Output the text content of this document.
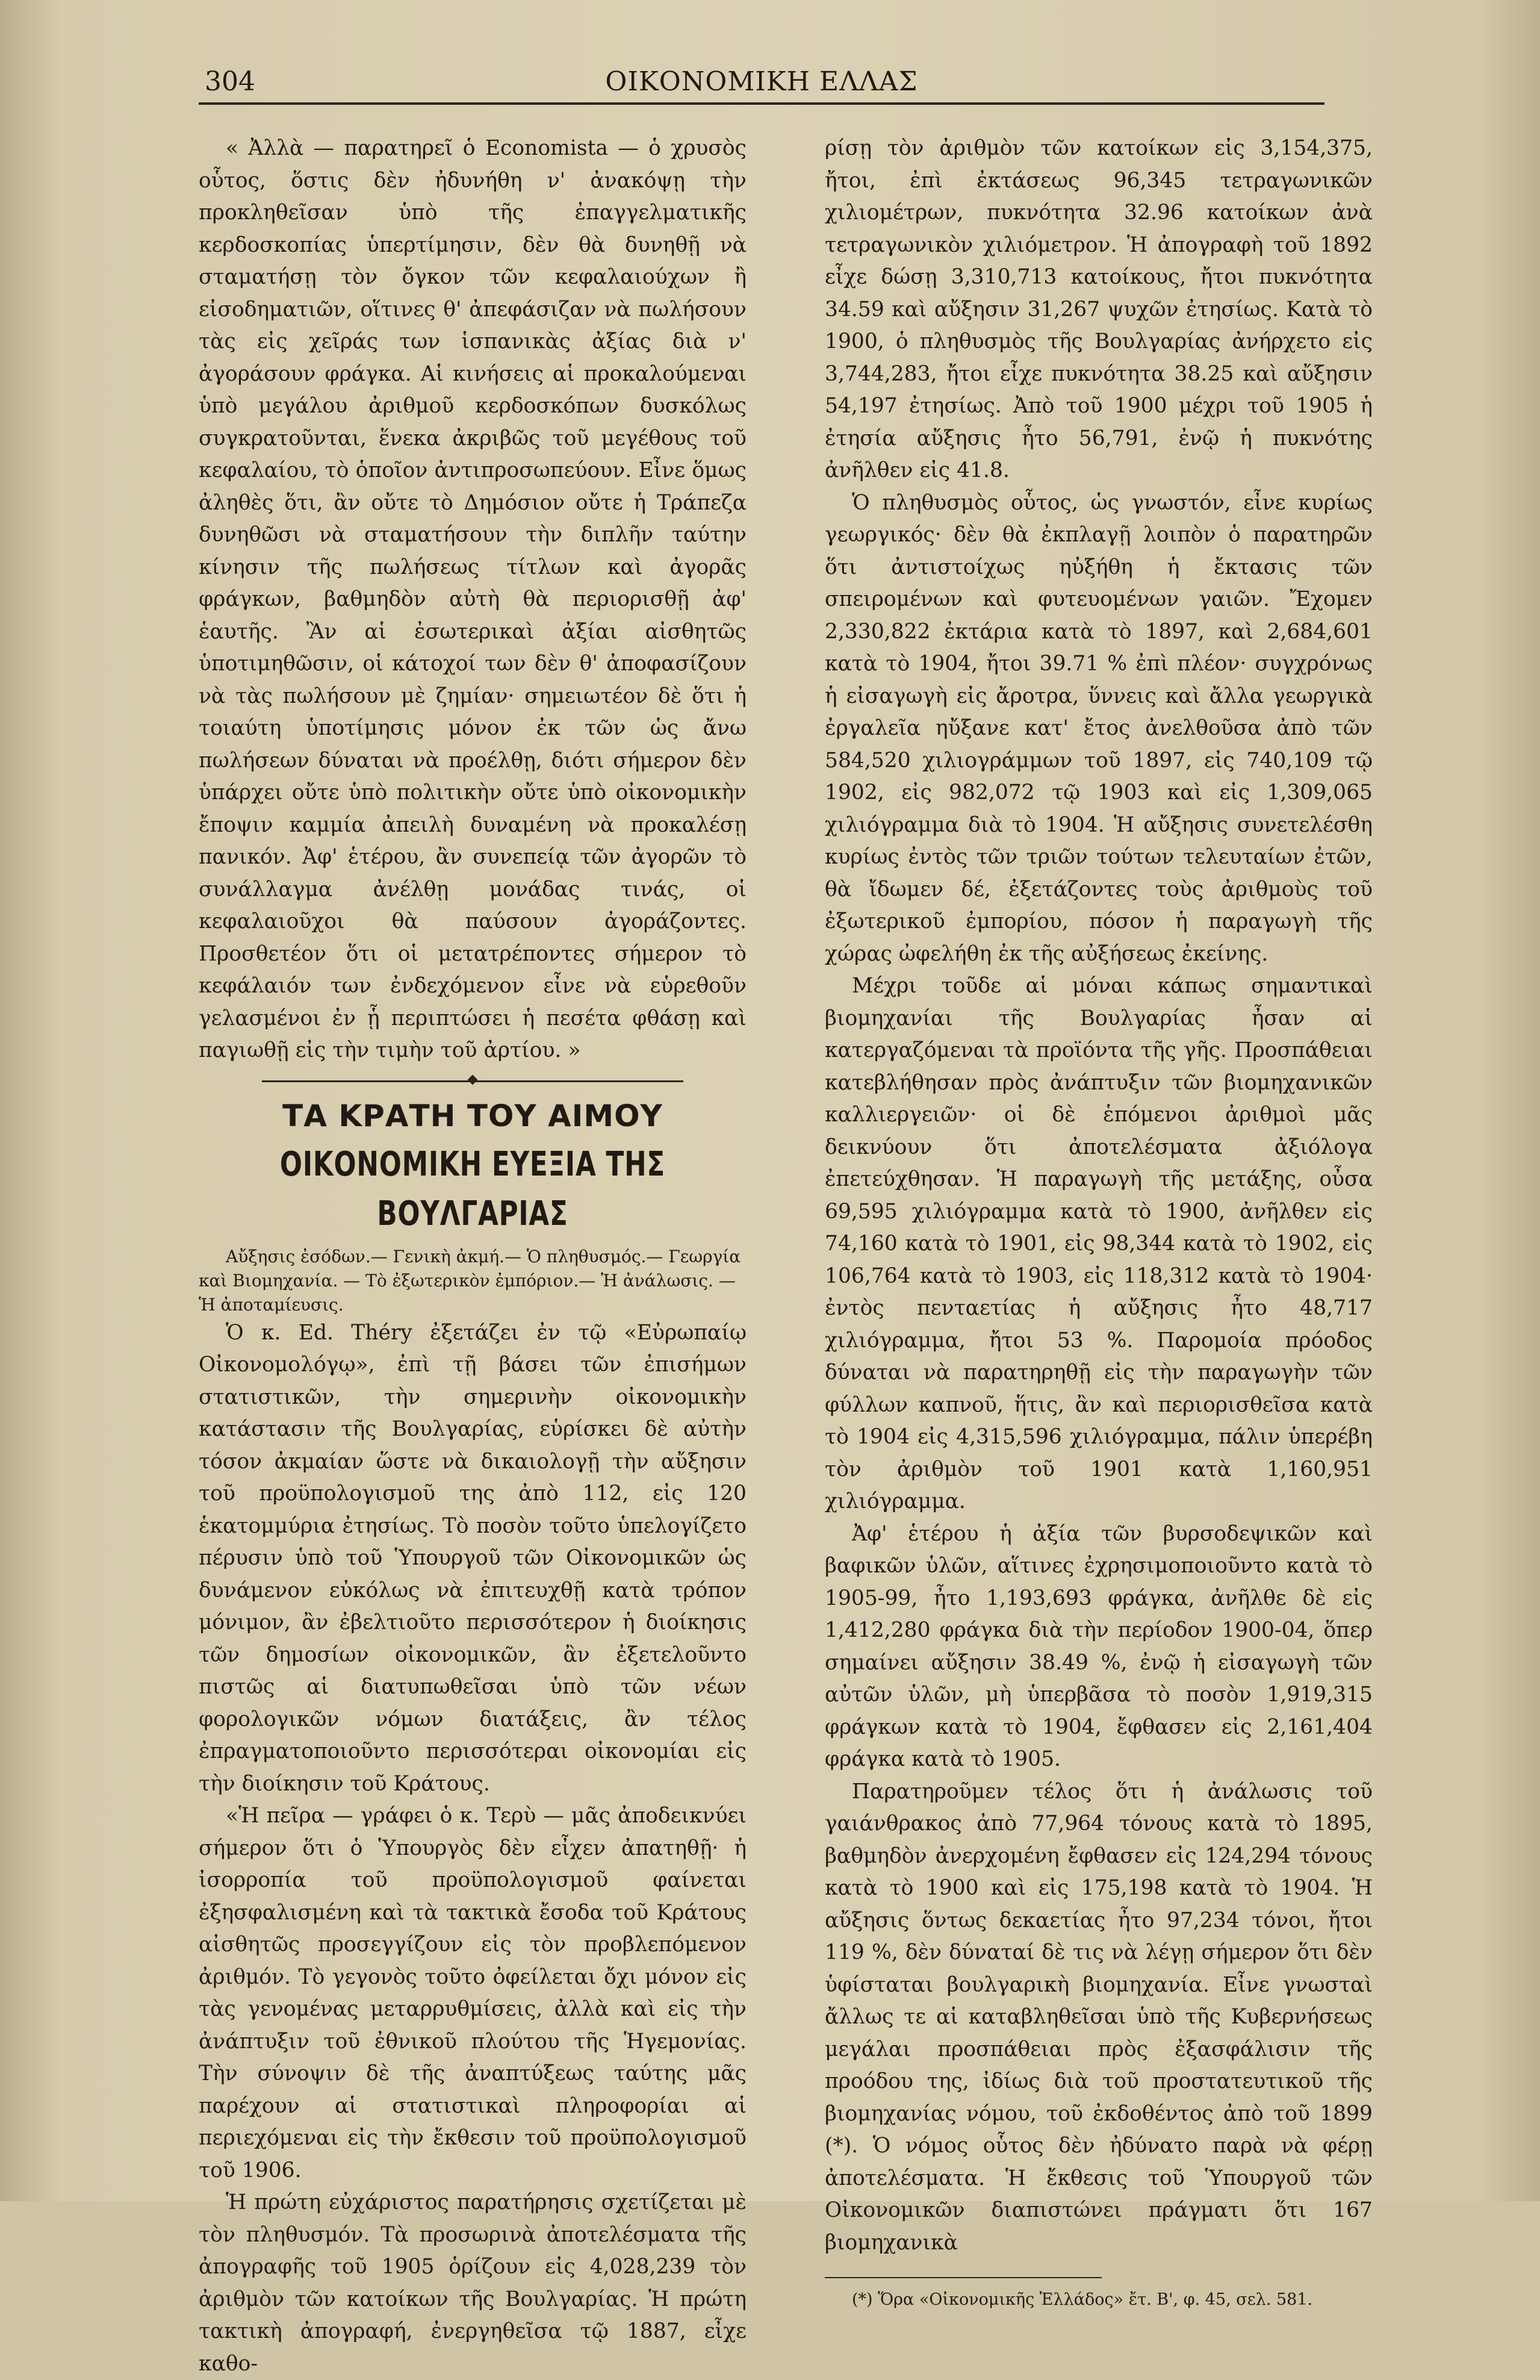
304	ΟΙΚΟΝΟΜΙΚΗ ΕΛΛΑΣ

« Ἀλλὰ — παρατηρεῖ ὁ Economista — ὁ χρυσὸς οὗτος, ὅστις δὲν ἠδυνήθη ν' ἀνακόψῃ τὴν προκληθεῖσαν ὑπὸ τῆς ἐπαγγελματικῆς κερδοσκοπίας ὑπερτίμησιν, δὲν θὰ δυνηθῇ νὰ σταματήσῃ τὸν ὄγκον τῶν κεφαλαιούχων ἢ εἰσοδηματιῶν, οἵτινες θ' ἀπεφάσιζαν νὰ πωλήσουν τὰς εἰς χεῖράς των ἱσπανικὰς ἀξίας διὰ ν' ἀγοράσουν φράγκα. Αἱ κινήσεις αἱ προκαλούμεναι ὑπὸ μεγάλου ἀριθμοῦ κερδοσκόπων δυσκόλως συγκρατοῦνται, ἕνεκα ἀκριβῶς τοῦ μεγέθους τοῦ κεφαλαίου, τὸ ὁποῖον ἀντιπροσωπεύουν. Εἶνε ὅμως ἀληθὲς ὅτι, ἂν οὔτε τὸ Δημόσιον οὔτε ἡ Τράπεζα δυνηθῶσι νὰ σταματήσουν τὴν διπλῆν ταύτην κίνησιν τῆς πωλήσεως τίτλων καὶ ἀγορᾶς φράγκων, βαθμηδὸν αὐτὴ θὰ περιορισθῇ ἀφ' ἑαυτῆς. Ἂν αἱ ἐσωτερικαὶ ἀξίαι αἰσθητῶς ὑποτιμηθῶσιν, οἱ κάτοχοί των δὲν θ' ἀποφασίζουν νὰ τὰς πωλήσουν μὲ ζημίαν· σημειωτέον δὲ ὅτι ἡ τοιαύτη ὑποτίμησις μόνον ἐκ τῶν ὡς ἄνω πωλήσεων δύναται νὰ προέλθῃ, διότι σήμερον δὲν ὑπάρχει οὔτε ὑπὸ πολιτικὴν οὔτε ὑπὸ οἰκονομικὴν ἔποψιν καμμία ἀπειλὴ δυναμένη νὰ προκαλέσῃ πανικόν. Ἀφ' ἑτέρου, ἂν συνεπείᾳ τῶν ἀγορῶν τὸ συνάλλαγμα ἀνέλθῃ μονάδας τινάς, οἱ κεφαλαιοῦχοι θὰ παύσουν ἀγοράζοντες. Προσθετέον ὅτι οἱ μετατρέποντες σήμερον τὸ κεφάλαιόν των ἐνδεχόμενον εἶνε νὰ εὑρεθοῦν γελασμένοι ἐν ᾗ περιπτώσει ἡ πεσέτα φθάσῃ καὶ παγιωθῇ εἰς τὴν τιμὴν τοῦ ἀρτίου. »

ΤΑ ΚΡΑΤΗ ΤΟΥ ΑΙΜΟΥ
ΟΙΚΟΝΟΜΙΚΗ ΕΥΕΞΙΑ ΤΗΣ ΒΟΥΛΓΑΡΙΑΣ

Αὔξησις ἐσόδων.— Γενικὴ ἀκμή.— Ὁ πληθυσμός.— Γεωργία καὶ Βιομηχανία. — Τὸ ἐξωτερικὸν ἐμπόριον.— Ἡ ἀνάλωσις. — Ἡ ἀποταμίευσις.

Ὁ κ. Ed. Théry ἐξετάζει ἐν τῷ «Εὐρωπαίῳ Οἰκονομολόγῳ», ἐπὶ τῇ βάσει τῶν ἐπισήμων στατιστικῶν, τὴν σημερινὴν οἰκονομικὴν κατάστασιν τῆς Βουλγαρίας, εὑρίσκει δὲ αὐτὴν τόσον ἀκμαίαν ὥστε νὰ δικαιολογῇ τὴν αὔξησιν τοῦ προϋπολογισμοῦ της ἀπὸ 112, εἰς 120 ἑκατομμύρια ἐτησίως. Τὸ ποσὸν τοῦτο ὑπελογίζετο πέρυσιν ὑπὸ τοῦ Ὑπουργοῦ τῶν Οἰκονομικῶν ὡς δυνάμενον εὐκόλως νὰ ἐπιτευχθῇ κατὰ τρόπον μόνιμον, ἂν ἐβελτιοῦτο περισσότερον ἡ διοίκησις τῶν δημοσίων οἰκονομικῶν, ἂν ἐξετελοῦντο πιστῶς αἱ διατυπωθεῖσαι ὑπὸ τῶν νέων φορολογικῶν νόμων διατάξεις, ἂν τέλος ἐπραγματοποιοῦντο περισσότεραι οἰκονομίαι εἰς τὴν διοίκησιν τοῦ Κράτους.

«Ἡ πεῖρα — γράφει ὁ κ. Τερὺ — μᾶς ἀποδεικνύει σήμερον ὅτι ὁ Ὑπουργὸς δὲν εἶχεν ἀπατηθῇ· ἡ ἰσορροπία τοῦ προϋπολογισμοῦ φαίνεται ἐξησφαλισμένη καὶ τὰ τακτικὰ ἔσοδα τοῦ Κράτους αἰσθητῶς προσεγγίζουν εἰς τὸν προβλεπόμενον ἀριθμόν. Τὸ γεγονὸς τοῦτο ὀφείλεται ὄχι μόνον εἰς τὰς γενομένας μεταρρυθμίσεις, ἀλλὰ καὶ εἰς τὴν ἀνάπτυξιν τοῦ ἐθνικοῦ πλούτου τῆς Ἡγεμονίας. Τὴν σύνοψιν δὲ τῆς ἀναπτύξεως ταύτης μᾶς παρέχουν αἱ στατιστικαὶ πληροφορίαι αἱ περιεχόμεναι εἰς τὴν ἔκθεσιν τοῦ προϋπολογισμοῦ τοῦ 1906.

Ἡ πρώτη εὐχάριστος παρατήρησις σχετίζεται μὲ τὸν πληθυσμόν. Τὰ προσωρινὰ ἀποτελέσματα τῆς ἀπογραφῆς τοῦ 1905 ὁρίζουν εἰς 4,028,239 τὸν ἀριθμὸν τῶν κατοίκων τῆς Βουλγαρίας. Ἡ πρώτη τακτικὴ ἀπογραφή, ἐνεργηθεῖσα τῷ 1887, εἶχε καθο-

ρίσῃ τὸν ἀριθμὸν τῶν κατοίκων εἰς 3,154,375, ἤτοι, ἐπὶ ἐκτάσεως 96,345 τετραγωνικῶν χιλιομέτρων, πυκνότητα 32.96 κατοίκων ἀνὰ τετραγωνικὸν χιλιόμετρον. Ἡ ἀπογραφὴ τοῦ 1892 εἶχε δώσῃ 3,310,713 κατοίκους, ἤτοι πυκνότητα 34.59 καὶ αὔξησιν 31,267 ψυχῶν ἐτησίως. Κατὰ τὸ 1900, ὁ πληθυσμὸς τῆς Βουλγαρίας ἀνήρχετο εἰς 3,744,283, ἤτοι εἶχε πυκνότητα 38.25 καὶ αὔξησιν 54,197 ἐτησίως. Ἀπὸ τοῦ 1900 μέχρι τοῦ 1905 ἡ ἐτησία αὔξησις ἦτο 56,791, ἐνῷ ἡ πυκνότης ἀνῆλθεν εἰς 41.8.

Ὁ πληθυσμὸς οὗτος, ὡς γνωστόν, εἶνε κυρίως γεωργικός· δὲν θὰ ἐκπλαγῇ λοιπὸν ὁ παρατηρῶν ὅτι ἀντιστοίχως ηὐξήθη ἡ ἔκτασις τῶν σπειρομένων καὶ φυτευομένων γαιῶν. Ἔχομεν 2,330,822 ἐκτάρια κατὰ τὸ 1897, καὶ 2,684,601 κατὰ τὸ 1904, ἤτοι 39.71 % ἐπὶ πλέον· συγχρόνως ἡ εἰσαγωγὴ εἰς ἄροτρα, ὕννεις καὶ ἄλλα γεωργικὰ ἐργαλεῖα ηὔξανε κατ' ἔτος ἀνελθοῦσα ἀπὸ τῶν 584,520 χιλιογράμμων τοῦ 1897, εἰς 740,109 τῷ 1902, εἰς 982,072 τῷ 1903 καὶ εἰς 1,309,065 χιλιόγραμμα διὰ τὸ 1904. Ἡ αὔξησις συνετελέσθη κυρίως ἐντὸς τῶν τριῶν τούτων τελευταίων ἐτῶν, θὰ ἴδωμεν δέ, ἐξετάζοντες τοὺς ἀριθμοὺς τοῦ ἐξωτερικοῦ ἐμπορίου, πόσον ἡ παραγωγὴ τῆς χώρας ὠφελήθη ἐκ τῆς αὐξήσεως ἐκείνης.

Μέχρι τοῦδε αἱ μόναι κάπως σημαντικαὶ βιομηχανίαι τῆς Βουλγαρίας ἦσαν αἱ κατεργαζόμεναι τὰ προϊόντα τῆς γῆς. Προσπάθειαι κατεβλήθησαν πρὸς ἀνάπτυξιν τῶν βιομηχανικῶν καλλιεργειῶν· οἱ δὲ ἑπόμενοι ἀριθμοὶ μᾶς δεικνύουν ὅτι ἀποτελέσματα ἀξιόλογα ἐπετεύχθησαν. Ἡ παραγωγὴ τῆς μετάξης, οὖσα 69,595 χιλιόγραμμα κατὰ τὸ 1900, ἀνῆλθεν εἰς 74,160 κατὰ τὸ 1901, εἰς 98,344 κατὰ τὸ 1902, εἰς 106,764 κατὰ τὸ 1903, εἰς 118,312 κατὰ τὸ 1904· ἐντὸς πενταετίας ἡ αὔξησις ἦτο 48,717 χιλιόγραμμα, ἤτοι 53 %. Παρομοία πρόοδος δύναται νὰ παρατηρηθῇ εἰς τὴν παραγωγὴν τῶν φύλλων καπνοῦ, ἥτις, ἂν καὶ περιορισθεῖσα κατὰ τὸ 1904 εἰς 4,315,596 χιλιόγραμμα, πάλιν ὑπερέβη τὸν ἀριθμὸν τοῦ 1901 κατὰ 1,160,951 χιλιόγραμμα.

Ἀφ' ἑτέρου ἡ ἀξία τῶν βυρσοδεψικῶν καὶ βαφικῶν ὑλῶν, αἵτινες ἐχρησιμοποιοῦντο κατὰ τὸ 1905-99, ἦτο 1,193,693 φράγκα, ἀνῆλθε δὲ εἰς 1,412,280 φράγκα διὰ τὴν περίοδον 1900-04, ὅπερ σημαίνει αὔξησιν 38.49 %, ἐνῷ ἡ εἰσαγωγὴ τῶν αὐτῶν ὑλῶν, μὴ ὑπερβᾶσα τὸ ποσὸν 1,919,315 φράγκων κατὰ τὸ 1904, ἔφθασεν εἰς 2,161,404 φράγκα κατὰ τὸ 1905.

Παρατηροῦμεν τέλος ὅτι ἡ ἀνάλωσις τοῦ γαιάνθρακος ἀπὸ 77,964 τόνους κατὰ τὸ 1895, βαθμηδὸν ἀνερχομένη ἔφθασεν εἰς 124,294 τόνους κατὰ τὸ 1900 καὶ εἰς 175,198 κατὰ τὸ 1904. Ἡ αὔξησις ὅντως δεκαετίας ἦτο 97,234 τόνοι, ἤτοι 119 %, δὲν δύναταί δὲ τις νὰ λέγῃ σήμερον ὅτι δὲν ὑφίσταται βουλγαρικὴ βιομηχανία. Εἶνε γνωσταὶ ἄλλως τε αἱ καταβληθεῖσαι ὑπὸ τῆς Κυβερνήσεως μεγάλαι προσπάθειαι πρὸς ἐξασφάλισιν τῆς προόδου της, ἰδίως διὰ τοῦ προστατευτικοῦ τῆς βιομηχανίας νόμου, τοῦ ἐκδοθέντος ἀπὸ τοῦ 1899 (*). Ὁ νόμος οὗτος δὲν ἠδύνατο παρὰ νὰ φέρῃ ἀποτελέσματα. Ἡ ἔκθεσις τοῦ Ὑπουργοῦ τῶν Οἰκονομικῶν διαπιστώνει πράγματι ὅτι 167 βιομηχανικὰ

(*) Ὅρα «Οἰκονομικῆς Ἑλλάδος» ἔτ. Β', φ. 45, σελ. 581.
